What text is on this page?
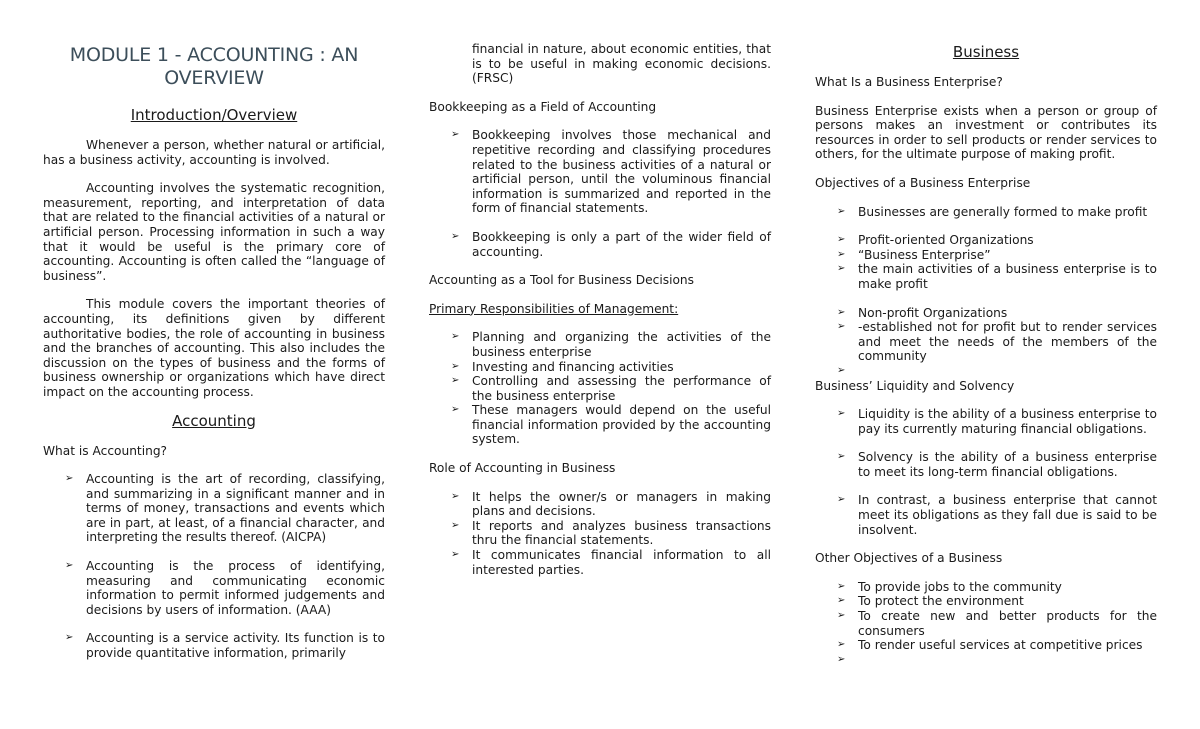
MODULE 1 - ACCOUNTING : AN OVERVIEW
Introduction/Overview

Whenever a person, whether natural or artificial, has a business activity, accounting is involved.

Accounting involves the systematic recognition, measurement, reporting, and interpretation of data that are related to the financial activities of a natural or artificial person. Processing information in such a way that it would be useful is the primary core of accounting. Accounting is often called the “language of business”.

This module covers the important theories of accounting, its definitions given by different authoritative bodies, the role of accounting in business and the branches of accounting. This also includes the discussion on the types of business and the forms of business ownership or organizations which have direct impact on the accounting process.

Accounting
What is Accounting?
➢ Accounting is the art of recording, classifying, and summarizing in a significant manner and in terms of money, transactions and events which are in part, at least, of a financial character, and interpreting the results thereof. (AICPA)
➢ Accounting is the process of identifying, measuring and communicating economic information to permit informed judgements and decisions by users of information. (AAA)
➢ Accounting is a service activity. Its function is to provide quantitative information, primarily
financial in nature, about economic entities, that is to be useful in making economic decisions. (FRSC)
Bookkeeping as a Field of Accounting
➢ Bookkeeping involves those mechanical and repetitive recording and classifying procedures related to the business activities of a natural or artificial person, until the voluminous financial information is summarized and reported in the form of financial statements.
➢ Bookkeeping is only a part of the wider field of accounting.
Accounting as a Tool for Business Decisions

Primary Responsibilities of Management:

➢ Planning and organizing the activities of the business enterprise
➢ Investing and financing activities
➢ Controlling and assessing the performance of the business enterprise
➢ These managers would depend on the useful financial information provided by the accounting system.
Role of Accounting in Business
➢ It helps the owner/s or managers in making plans and decisions.
➢ It reports and analyzes business transactions thru the financial statements.
➢ It communicates financial information to all interested parties.
Business
What Is a Business Enterprise?

Business Enterprise exists when a person or group of persons makes an investment or contributes its resources in order to sell products or render services to others, for the ultimate purpose of making profit.

Objectives of a Business Enterprise
➢ Businesses are generally formed to make profit
➢ Profit-oriented Organizations
➢ “Business Enterprise”
➢ the main activities of a business enterprise is to make profit
➢ Non-profit Organizations
➢ -established not for profit but to render services and meet the needs of the members of the community
➢

Business’ Liquidity and Solvency
➢ Liquidity is the ability of a business enterprise to pay its currently maturing financial obligations.
➢ Solvency is the ability of a business enterprise to meet its long-term financial obligations.
➢ In contrast, a business enterprise that cannot meet its obligations as they fall due is said to be insolvent.
Other Objectives of a Business
➢ To provide jobs to the community
➢ To protect the environment
➢ To create new and better products for the consumers
➢ To render useful services at competitive prices
➢
